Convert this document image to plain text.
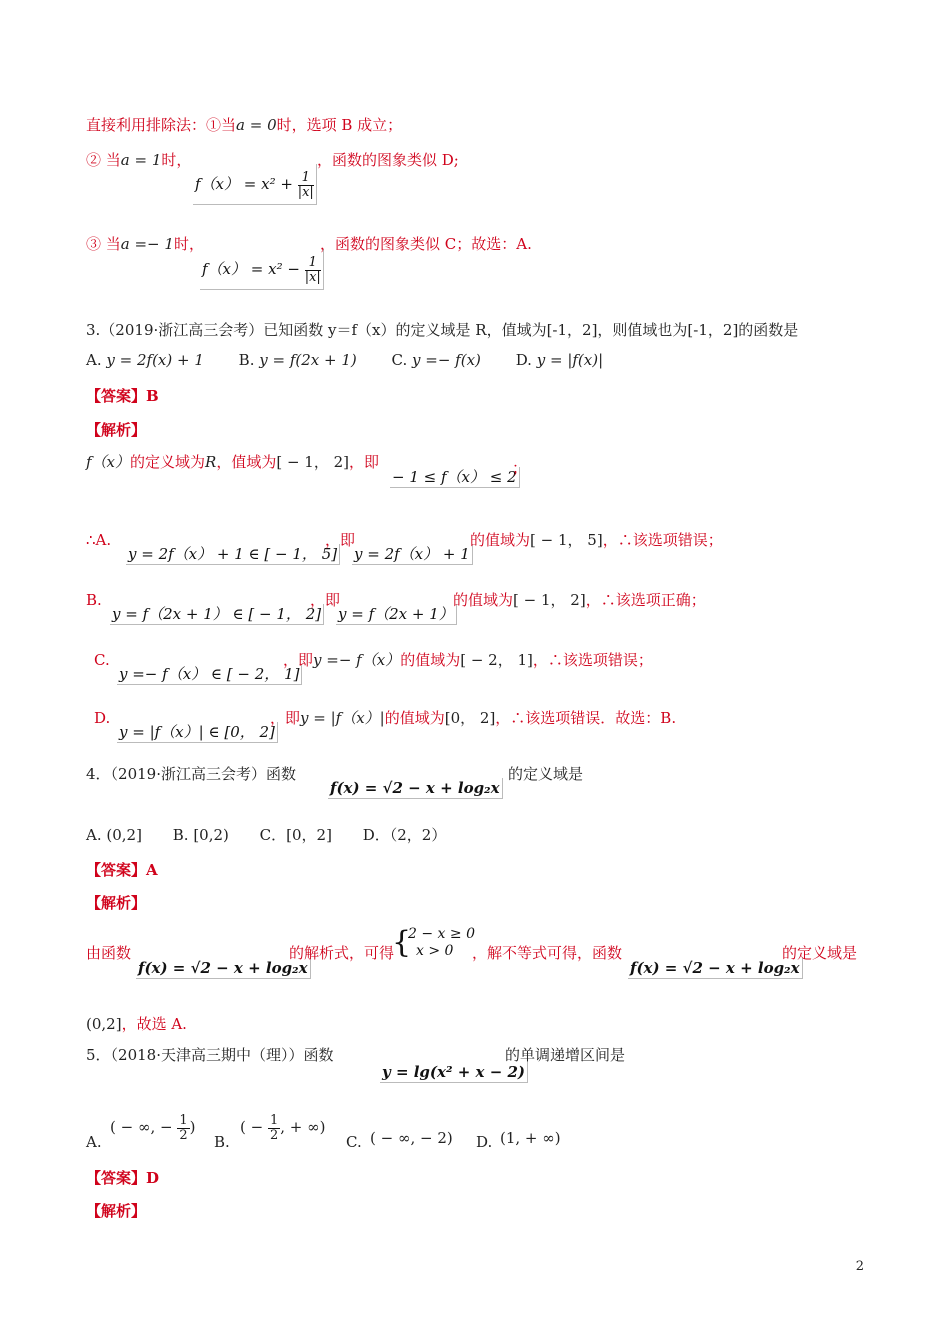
直接利用排除法：①当a = 0时，选项 B 成立；
② 当a = 1时，
$f(x) = x^2 + \frac{1}{|x|}$
，函数的图象类似 D;
③ 当a =− 1时，
$f(x) = x^2 - \frac{1}{|x|}$
，函数的图象类似 C；故选：A.
3.（2019·浙江高三会考）已知函数 y＝f（x）的定义域是 R，值域为[-1，2]，则值域也为[-1，2]的函数是
A. y = 2f(x) + 1 B. y = f(2x + 1) C. y =− f(x) D. y = |f(x)|
【答案】B
【解析】
f（x）的定义域为R，值域为[ − 1， 2]，即
− 1 ≤ f（x） ≤ 2
；
∴A.
y = 2f（x） + 1 ∈ [ − 1， 5]
，即
y = 2f（x） + 1
的值域为[ − 1， 5]，∴该选项错误；
B.
y = f（2x + 1） ∈ [ − 1， 2]
，即
y = f（2x + 1）
的值域为[ − 1， 2]，∴该选项正确；
C.
y =− f（x） ∈ [ − 2， 1]
，即y =− f（x）的值域为[ − 2， 1]，∴该选项错误；
D.
y = |f（x）| ∈ [0， 2]
，即y = |f（x）|的值域为[0， 2]，∴该选项错误．故选：B.
4．（2019·浙江高三会考）函数
f(x) = √2 − x + log₂x
的定义域是
A. (0,2] B. [0,2) C．[0，2] D．（2，2）
【答案】A
【解析】
由函数
f(x) = √2 − x + log₂x
的解析式，可得
{
2 − x ≥ 0
x > 0	，解不等式可得，函数
f(x) = √2 − x + log₂x
的定义域是
(0,2]，故选 A.
5．（2018·天津高三期中（理））函数
y = lg(x² + x − 2)
的单调递增区间是
A.
( − ∞, − $\frac{1}{2}$ )
B.
( − $\frac{1}{2}$ , + ∞)
C. ( − ∞, − 2) D. (1, + ∞)
【答案】D
【解析】
2
